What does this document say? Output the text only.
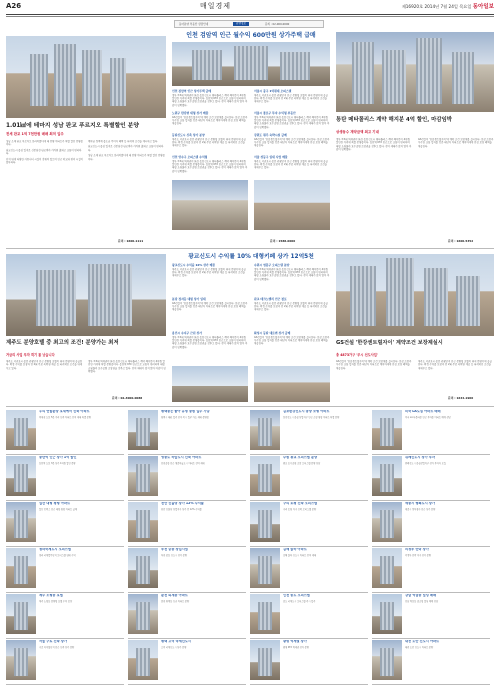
A26	매일경제	제16920호 2014년 7월 24일 목요일 동아일보
동아분양 부동산 상담안내	분양정보	문의 : 02-000-0000
1.01㎢에 테마지 성남 판교 푸르지오 특별할인 분양
전세 판교 1억 7천만원 매매 최저 입주

성남 소재 판교 푸르지오 한라비발디에 대 분양 아파트가 특별 할인 분양중이다.

판교신도시 중심 입지로 신분당선 판교역과 가까워 출퇴근 교통이 편리하다.

단지 내에 다양한 커뮤니티 시설이 갖춰져 있으며 인근 학교와 편의 시설이 풍부하다.

계약금 정액제 중도금 무이자 혜택 등 파격적 조건을 제시하고 있다.

판교신도시 중심 입지로 신분당선 판교역과 가까워 출퇴근 교통이 편리하다.

성남 소재 판교 푸르지오 한라비발디에 대 분양 아파트가 특별 할인 분양중이다.

문의 : 1600-1111
인천 검암역 인근 월수익 600만원 상가주택 급매
인천 검암역 인근 상가주택 급매
정부 3.5대 역세권의 화성 동탄신도시 메타폴리스 계약 해지분이 4억원 할인된 가격에 특별 분양중이다. 동탄역 KTX 인근으로 교통이 편리하며 대형 쇼핑몰과 호수공원 조망권을 갖추고 있다. 잔여 세대가 많지 않아 마감이 임박했다.
서울시 중구 1억원대 오피스텔
제주도 서귀포시 중문 관광단지 인근 분양형 호텔이 최저 분양가에 공급된다. 확정 수익률 보장과 연 2회 무료 숙박권 제공 등 파격적인 조건을 내세우고 있다.
노원구 한강변 대형 상가 매물
GS건설이 '한강센트럴자이'에 계약 조건 보장제를 실시한다. 한강 조망과 우수한 교통 입지를 갖춘 대단지 아파트로 계약자에게 안심 보장 혜택을 제공한다.
서울시 종로구 투자 수익형 부동산
정부 3.5대 역세권의 화성 동탄신도시 메타폴리스 계약 해지분이 4억원 할인된 가격에 특별 분양중이다. 동탄역 KTX 인근으로 교통이 편리하며 대형 쇼핑몰과 호수공원 조망권을 갖추고 있다. 잔여 세대가 많지 않아 마감이 임박했다.
동탄신도시 신축 상가 분양
제주도 서귀포시 중문 관광단지 인근 분양형 호텔이 최저 분양가에 공급된다. 확정 수익률 보장과 연 2회 무료 숙박권 제공 등 파격적인 조건을 내세우고 있다.
강원도 원주 숙박시설 급매
GS건설이 '한강센트럴자이'에 계약 조건 보장제를 실시한다. 한강 조망과 우수한 교통 입지를 갖춘 대단지 아파트로 계약자에게 안심 보장 혜택을 제공한다.
인천 연수구 오피스텔 수익형
정부 3.5대 역세권의 화성 동탄신도시 메타폴리스 계약 해지분이 4억원 할인된 가격에 특별 분양중이다. 동탄역 KTX 인근으로 교통이 편리하며 대형 쇼핑몰과 호수공원 조망권을 갖추고 있다. 잔여 세대가 많지 않아 마감이 임박했다.
서울 성동구 임대 사업 매물
제주도 서귀포시 중문 관광단지 인근 분양형 호텔이 최저 분양가에 공급된다. 확정 수익률 보장과 연 2회 무료 숙박권 제공 등 파격적인 조건을 내세우고 있다.
문의 : 1588-0000
통탄 메타폴리스 계약 해지분 4억 할인, 마감임박
상생동수 계약금액 최고 기대
정부 3.5대 역세권의 화성 동탄신도시 메타폴리스 계약 해지분이 4억원 할인된 가격에 특별 분양중이다. 동탄역 KTX 인근으로 교통이 편리하며 대형 쇼핑몰과 호수공원 조망권을 갖추고 있다. 잔여 세대가 많지 않아 마감이 임박했다.
GS건설이 '한강센트럴자이'에 계약 조건 보장제를 실시한다. 한강 조망과 우수한 교통 입지를 갖춘 대단지 아파트로 계약자에게 안심 보장 혜택을 제공한다.
문의 : 1600-5352
광교신도시 수익률 10% 대형키페 상가 12억5천
광교신도시 수익률 10% 상가 매물
제주도 서귀포시 중문 관광단지 인근 분양형 호텔이 최저 분양가에 공급된다. 확정 수익률 보장과 연 2회 무료 숙박권 제공 등 파격적인 조건을 내세우고 있다.
수원시 영통구 오피스텔 분양
정부 3.5대 역세권의 화성 동탄신도시 메타폴리스 계약 해지분이 4억원 할인된 가격에 특별 분양중이다. 동탄역 KTX 인근으로 교통이 편리하며 대형 쇼핑몰과 호수공원 조망권을 갖추고 있다. 잔여 세대가 많지 않아 마감이 임박했다.
분당 정자동 대형 상가 임대
GS건설이 '한강센트럴자이'에 계약 조건 보장제를 실시한다. 한강 조망과 우수한 교통 입지를 갖춘 대단지 아파트로 계약자에게 안심 보장 혜택을 제공한다.
판교 테크노밸리 인근 점포
제주도 서귀포시 중문 관광단지 인근 분양형 호텔이 최저 분양가에 공급된다. 확정 수익률 보장과 연 2회 무료 숙박권 제공 등 파격적인 조건을 내세우고 있다.
용인시 수지구 근린 상가
정부 3.5대 역세권의 화성 동탄신도시 메타폴리스 계약 해지분이 4억원 할인된 가격에 특별 분양중이다. 동탄역 KTX 인근으로 교통이 편리하며 대형 쇼핑몰과 호수공원 조망권을 갖추고 있다. 잔여 세대가 많지 않아 마감이 임박했다.
화성시 동탄 대로변 상가 급매
GS건설이 '한강센트럴자이'에 계약 조건 보장제를 실시한다. 한강 조망과 우수한 교통 입지를 갖춘 대단지 아파트로 계약자에게 안심 보장 혜택을 제공한다.
제주도 분양호텔 중 최고의 조건! 분양가는 최저
거금리 사업 투자 객기 꼼 낮습니다
제주도 서귀포시 중문 관광단지 인근 분양형 호텔이 최저 분양가에 공급된다. 확정 수익률 보장과 연 2회 무료 숙박권 제공 등 파격적인 조건을 내세우고 있다.
정부 3.5대 역세권의 화성 동탄신도시 메타폴리스 계약 해지분이 4억원 할인된 가격에 특별 분양중이다. 동탄역 KTX 인근으로 교통이 편리하며 대형 쇼핑몰과 호수공원 조망권을 갖추고 있다. 잔여 세대가 많지 않아 마감이 임박했다.
문의 : 02-3000-0088
GS건설 '한강센트럴자이' 계약조건 보장제실시
총 4873가구 '푸시 선도사업'
GS건설이 '한강센트럴자이'에 계약 조건 보장제를 실시한다. 한강 조망과 우수한 교통 입지를 갖춘 대단지 아파트로 계약자에게 안심 보장 혜택을 제공한다.
제주도 서귀포시 중문 관광단지 인근 분양형 호텔이 최저 분양가에 공급된다. 확정 수익률 보장과 연 2회 무료 숙박권 제공 등 파격적인 조건을 내세우고 있다.
문의 : 1644-1900
우리 연합분양 호재에서 신축 아파트
역세권 도보 5분 거리 신축 아파트 잔여 세대 특별 분양
평택동은 좋아 유명 동원 입주 가능
평택시 대표 입주 단지 즉시 입주 가능 세대 분양중
김포한강신도시 동양 소형 아파트
한강신도시 중심 상업지구 인근 소형 평형 아파트 특별 분양
미국 LA도심 아파트 매매
미국 LA 다운타운 인근 투자용 아파트 매매 상담
동탄역 인근 상가 1억 할인
동탄역 도보 3분 상가 1억원 할인 분양
영종도 하늘도시 신축 아파트
인천공항 인근 영종하늘도시 아파트 잔여 세대
수원 광교 오피스텔 분양
광교 호수공원 조망 오피스텔 분양 상담
위례신도시 상가 투자
위례신도시 중심상업지구 상가 투자자 모집
일산 대형 평형 아파트
일산 킨텍스 인근 대형 평형 아파트 급매
천안 신불당 상가 12% 수익률
천안 신불당 상업지구 상가 연 12% 수익률
구리 토평 신축 오피스텔
구리 토평 지구 신축 오피스텔 분양
세종시 행복도시 상가
세종시 정부청사 인근 상가 분양
청라국제도시 오피스텔
청라 국제업무단지 오피스텔 임대 수익
부천 중동 상업시설
부천 중동 신도시 상가 분양
김해 율하 아파트
김해 율하 신도시 아파트 잔여 세대
의정부 민락 상가
의정부 민락 지구 상가 분양
제주 노형동 호텔
제주 노형동 분양형 호텔 수익 보장
춘천 퇴계동 아파트
춘천 퇴계동 신규 아파트 분양
인천 송도 오피스텔
송도 국제도시 오피스텔 즉시 입주
강남 역삼동 빌딩 매매
강남 역삼동 중소형 빌딩 매매 상담
서울 구로 신축 상가
구로 디지털단지 인근 신축 상가 분양
평택 고덕 국제신도시
고덕 국제신도시 상가 분양
광명 역세권 상가
광명 KTX 역세권 상가 분양
대전 도안 신도시 아파트
대전 도안 신도시 아파트 분양
